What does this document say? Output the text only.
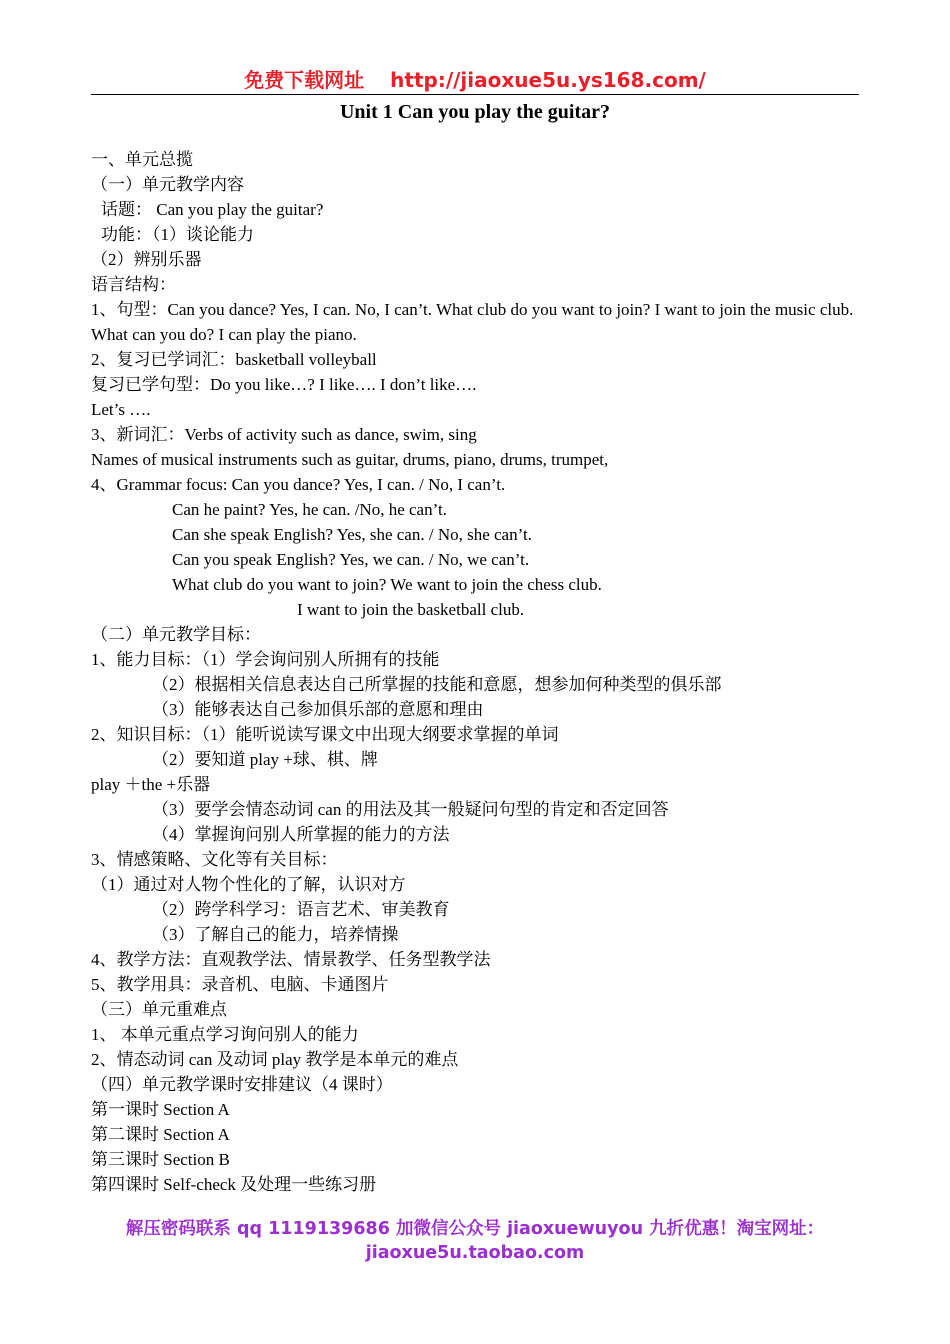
免费下载网址 http://jiaoxue5u.ys168.com/
Unit 1 Can you play the guitar?
一、单元总揽
（一）单元教学内容
话题： Can you play the guitar?
功能：（1）谈论能力
（2）辨别乐器
语言结构：
1、句型：Can you dance? Yes, I can. No, I can’t. What club do you want to join? I want to join the music club. What can you do? I can play the piano.
2、复习已学词汇：basketball volleyball
复习已学句型：Do you like…? I like…. I don’t like….
Let’s ….
3、新词汇：Verbs of activity such as dance, swim, sing
Names of musical instruments such as guitar, drums, piano, drums, trumpet,
4、Grammar focus: Can you dance? Yes, I can. / No, I can’t.
Can he paint? Yes, he can. /No, he can’t.
Can she speak English? Yes, she can. / No, she can’t.
Can you speak English? Yes, we can. / No, we can’t.
What club do you want to join? We want to join the chess club.
I want to join the basketball club.
（二）单元教学目标：
1、能力目标：（1）学会询问别人所拥有的技能
（2）根据相关信息表达自己所掌握的技能和意愿，想参加何种类型的俱乐部
（3）能够表达自己参加俱乐部的意愿和理由
2、知识目标：（1）能听说读写课文中出现大纲要求掌握的单词
（2）要知道 play +球、棋、牌
play ＋the +乐器
（3）要学会情态动词 can 的用法及其一般疑问句型的肯定和否定回答
（4）掌握询问别人所掌握的能力的方法
3、情感策略、文化等有关目标：
（1）通过对人物个性化的了解，认识对方
（2）跨学科学习：语言艺术、审美教育
（3）了解自己的能力，培养情操
4、教学方法：直观教学法、情景教学、任务型教学法
5、教学用具：录音机、电脑、卡通图片
（三）单元重难点
1、 本单元重点学习询问别人的能力
2、情态动词 can 及动词 play 教学是本单元的难点
（四）单元教学课时安排建议（4 课时）
第一课时 Section A
第二课时 Section A
第三课时 Section B
第四课时 Self-check 及处理一些练习册
解压密码联系 qq 1119139686 加微信公众号 jiaoxuewuyou 九折优惠！淘宝网址：
jiaoxue5u.taobao.com
